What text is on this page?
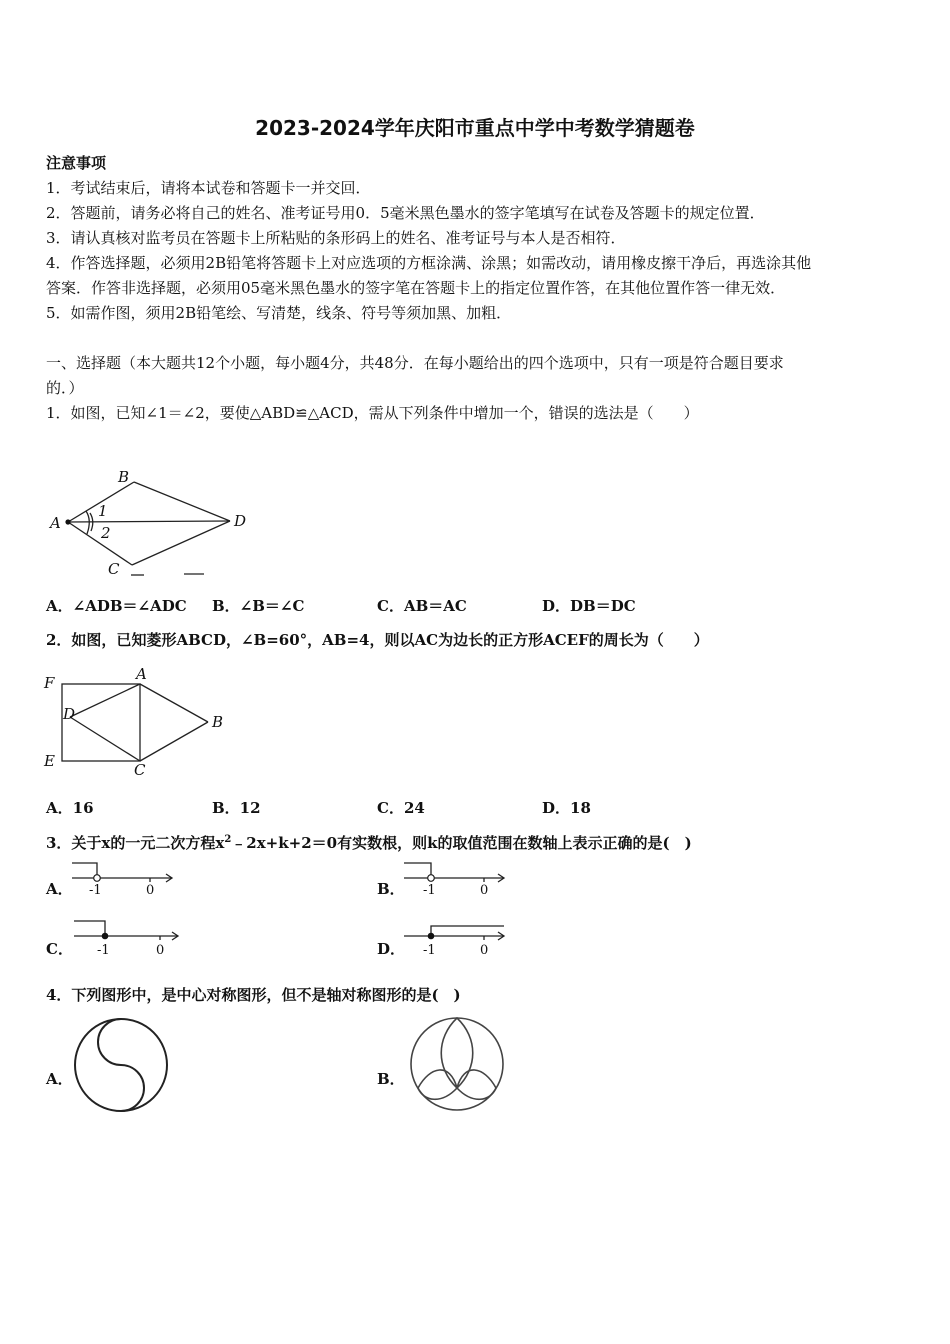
2023-2024学年庆阳市重点中学中考数学猜题卷
注意事项
1．考试结束后，请将本试卷和答题卡一并交回．
2．答题前，请务必将自己的姓名、准考证号用0．5毫米黑色墨水的签字笔填写在试卷及答题卡的规定位置．
3．请认真核对监考员在答题卡上所粘贴的条形码上的姓名、准考证号与本人是否相符．
4．作答选择题，必须用2B铅笔将答题卡上对应选项的方框涂满、涂黑；如需改动，请用橡皮擦干净后，再选涂其他
答案．作答非选择题，必须用05毫米黑色墨水的签字笔在答题卡上的指定位置作答，在其他位置作答一律无效．
5．如需作图，须用2B铅笔绘、写清楚，线条、符号等须加黑、加粗．
一、选择题（本大题共12个小题，每小题4分，共48分．在每小题给出的四个选项中，只有一项是符合题目要求
的．）
1．如图，已知∠1＝∠2，要使△ABD≌△ACD，需从下列条件中增加一个，错误的选法是（　　）
A
B
C
D
1
2
A．∠ADB＝∠ADC B．∠B＝∠C	C．AB＝AC	D．DB＝DC
2．如图，已知菱形ABCD，∠B=60°，AB=4，则以AC为边长的正方形ACEF的周长为（　　）
F	A
D	B
E	C
A．16	B．12	C．24	D．18
3．关于x的一元二次方程$x^2﹣2x+k+2=0$有实数根，则k的取值范围在数轴上表示正确的是(　)
A． -1	0	B． -1	0
C． -1	0	D． -1	0
4．下列图形中，是中心对称图形，但不是轴对称图形的是(　)
A．	B．
